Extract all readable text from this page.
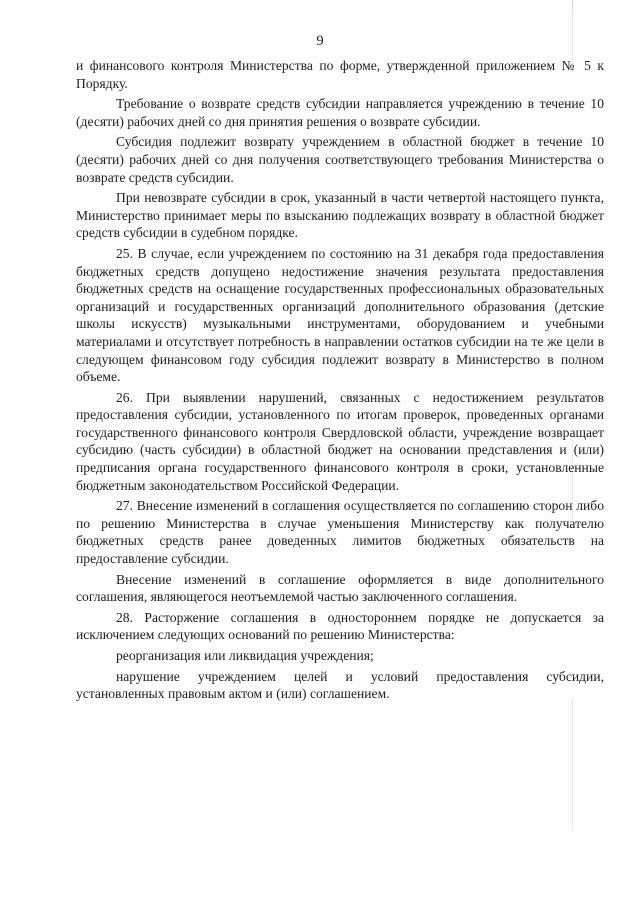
9

и финансового контроля Министерства по форме, утвержденной приложением № 5 к Порядку.

Требование о возврате средств субсидии направляется учреждению в течение 10 (десяти) рабочих дней со дня принятия решения о возврате субсидии.

Субсидия подлежит возврату учреждением в областной бюджет в течение 10 (десяти) рабочих дней со дня получения соответствующего требования Министерства о возврате средств субсидии.

При невозврате субсидии в срок, указанный в части четвертой настоящего пункта, Министерство принимает меры по взысканию подлежащих возврату в областной бюджет средств субсидии в судебном порядке.

25. В случае, если учреждением по состоянию на 31 декабря года предоставления бюджетных средств допущено недостижение значения результата предоставления бюджетных средств на оснащение государственных профессиональных образовательных организаций и государственных организаций дополнительного образования (детские школы искусств) музыкальными инструментами, оборудованием и учебными материалами и отсутствует потребность в направлении остатков субсидии на те же цели в следующем финансовом году субсидия подлежит возврату в Министерство в полном объеме.

26. При выявлении нарушений, связанных с недостижением результатов предоставления субсидии, установленного по итогам проверок, проведенных органами государственного финансового контроля Свердловской области, учреждение возвращает субсидию (часть субсидии) в областной бюджет на основании представления и (или) предписания органа государственного финансового контроля в сроки, установленные бюджетным законодательством Российской Федерации.

27. Внесение изменений в соглашения осуществляется по соглашению сторон либо по решению Министерства в случае уменьшения Министерству как получателю бюджетных средств ранее доведенных лимитов бюджетных обязательств на предоставление субсидии.

Внесение изменений в соглашение оформляется в виде дополнительного соглашения, являющегося неотъемлемой частью заключенного соглашения.

28. Расторжение соглашения в одностороннем порядке не допускается за исключением следующих оснований по решению Министерства:

реорганизация или ликвидация учреждения;

нарушение учреждением целей и условий предоставления субсидии, установленных правовым актом и (или) соглашением.
